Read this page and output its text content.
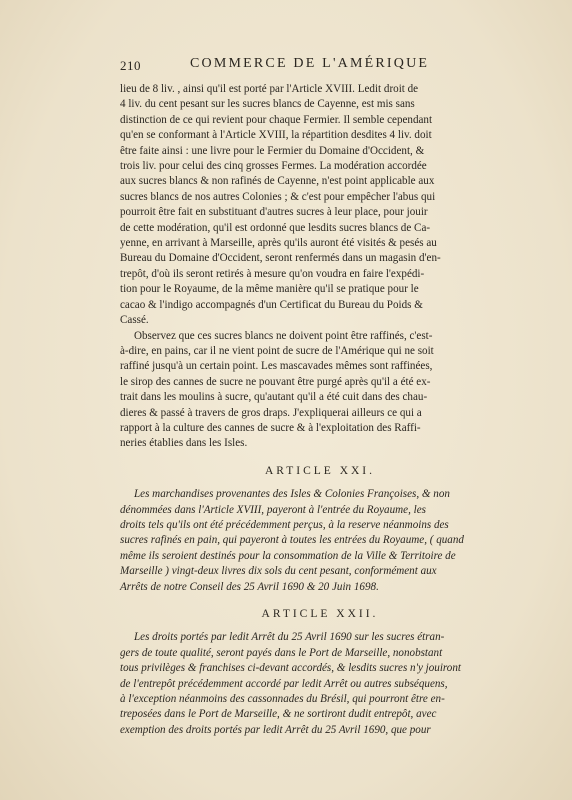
210	COMMERCE DE L'AMÉRIQUE
lieu de 8 liv. , ainsi qu'il est porté par l'Article XVIII. Ledit droit de
4 liv. du cent pesant sur les sucres blancs de Cayenne, est mis sans
distinction de ce qui revient pour chaque Fermier. Il semble cependant
qu'en se conformant à l'Article XVIII, la répartition desdites 4 liv. doit
être faite ainsi : une livre pour le Fermier du Domaine d'Occident, &
trois liv. pour celui des cinq grosses Fermes. La modération accordée
aux sucres blancs & non rafinés de Cayenne, n'est point applicable aux
sucres blancs de nos autres Colonies ; & c'est pour empêcher l'abus qui
pourroit être fait en substituant d'autres sucres à leur place, pour jouir
de cette modération, qu'il est ordonné que lesdits sucres blancs de Ca-
yenne, en arrivant à Marseille, après qu'ils auront été visités & pesés au
Bureau du Domaine d'Occident, seront renfermés dans un magasin d'en-
trepôt, d'où ils seront retirés à mesure qu'on voudra en faire l'expédi-
tion pour le Royaume, de la même manière qu'il se pratique pour le
cacao & l'indigo accompagnés d'un Certificat du Bureau du Poids &
Cassé.
Observez que ces sucres blancs ne doivent point être raffinés, c'est-
à-dire, en pains, car il ne vient point de sucre de l'Amérique qui ne soit
raffiné jusqu'à un certain point. Les mascavades mêmes sont raffinées,
le sirop des cannes de sucre ne pouvant être purgé après qu'il a été ex-
trait dans les moulins à sucre, qu'autant qu'il a été cuit dans des chau-
dieres & passé à travers de gros draps. J'expliquerai ailleurs ce qui a
rapport à la culture des cannes de sucre & à l'exploitation des Raffi-
neries établies dans les Isles.
ARTICLE XXI.
Les marchandises provenantes des Isles & Colonies Françoises, & non
dénommées dans l'Article XVIII, payeront à l'entrée du Royaume, les
droits tels qu'ils ont été précédemment perçus, à la reserve néanmoins des
sucres rafinés en pain, qui payeront à toutes les entrées du Royaume, ( quand
même ils seroient destinés pour la consommation de la Ville & Territoire de
Marseille ) vingt-deux livres dix sols du cent pesant, conformément aux
Arrêts de notre Conseil des 25 Avril 1690 & 20 Juin 1698.
ARTICLE XXII.
Les droits portés par ledit Arrêt du 25 Avril 1690 sur les sucres étran-
gers de toute qualité, seront payés dans le Port de Marseille, nonobstant
tous privilèges & franchises ci-devant accordés, & lesdits sucres n'y jouiront
de l'entrepôt précédemment accordé par ledit Arrêt ou autres subséquens,
à l'exception néanmoins des cassonnades du Brésil, qui pourront être en-
treposées dans le Port de Marseille, & ne sortiront dudit entrepôt, avec
exemption des droits portés par ledit Arrêt du 25 Avril 1690, que pour
